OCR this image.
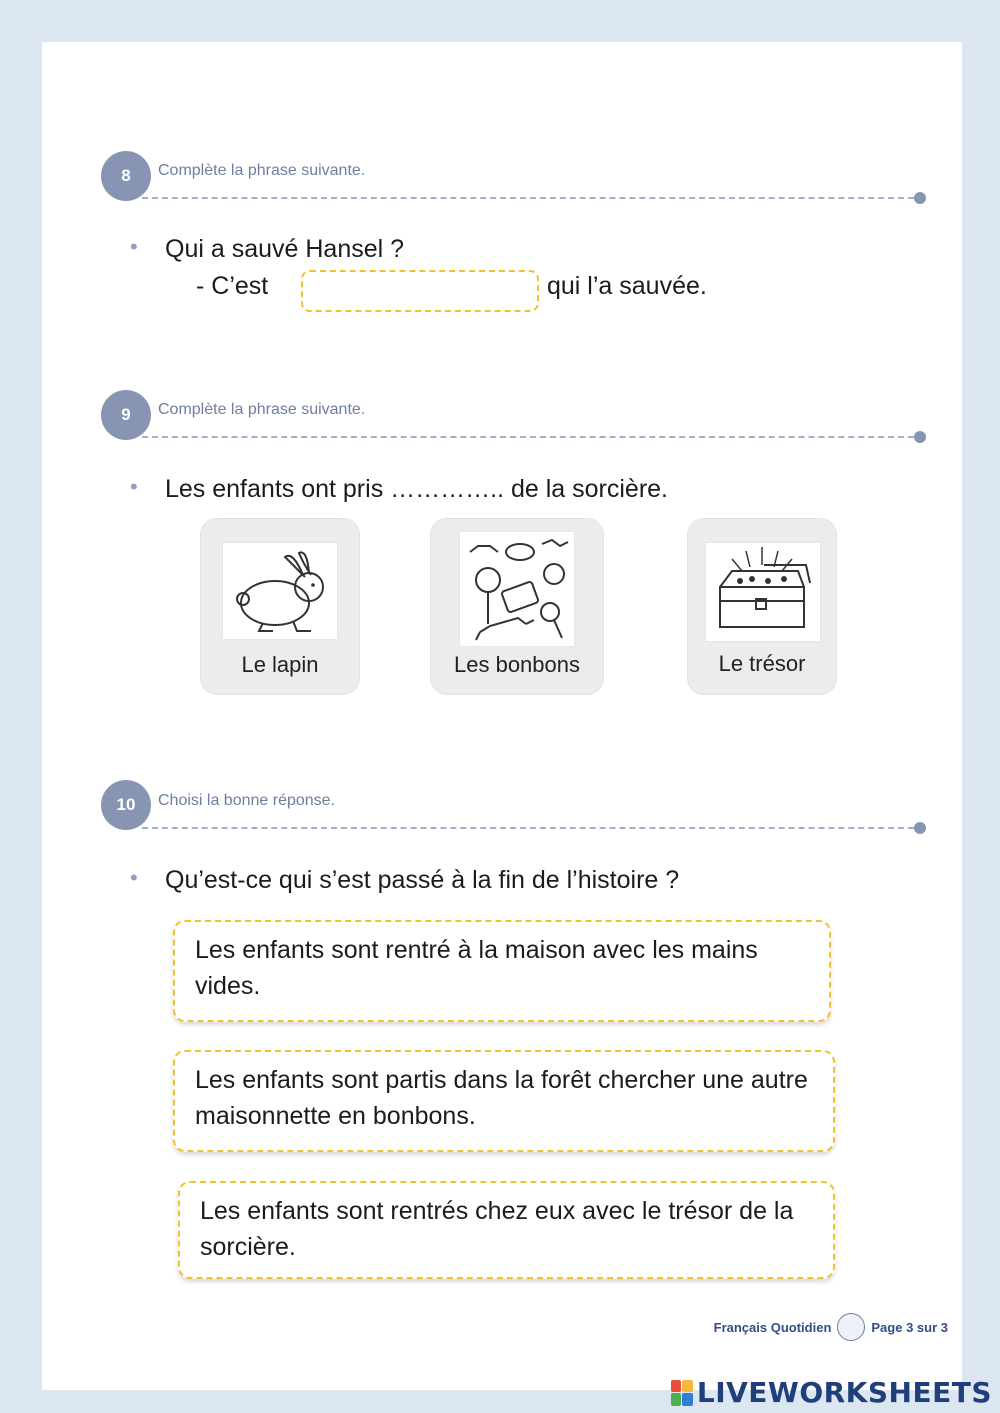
8	Complète la phrase suivante.
• Qui a sauvé Hansel ?
- C’est	qui l’a sauvée.
9	Complète la phrase suivante.
• Les enfants ont pris ………….. de la sorcière.
Le lapin	Les bonbons	Le trésor
10	Choisi la bonne réponse.
• Qu’est-ce qui s’est passé à la fin de l’histoire ?
Les enfants sont rentré à la maison avec les mains vides.
Les enfants sont partis dans la forêt chercher une autre maisonnette en bonbons.
Les enfants sont rentrés chez eux avec le trésor de la sorcière.
Français Quotidien	Page 3 sur 3
LIVEWORKSHEETS
